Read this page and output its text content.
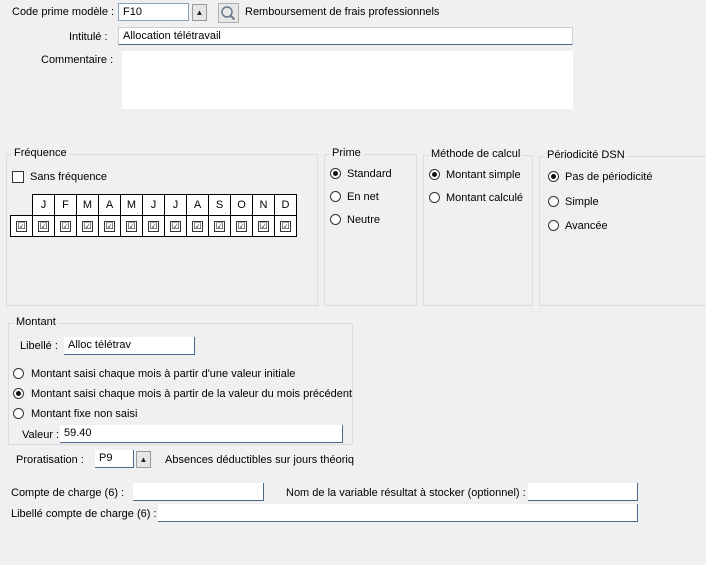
Code prime modèle : F10	▲	Remboursement de frais professionnels
Intitulé :	Allocation télétravail
Commentaire :
Fréquence
Sans fréquence
	J	F	M	A	M	J	J	A	S	O	N	D
☑	☑	☑	☑	☑	☑	☑	☑	☑	☑	☑	☑	☑
Prime
Standard
En net
Neutre
Méthode de calcul
Montant simple
Montant calculé
Périodicité DSN
Pas de périodicité
Simple
Avancée
Montant
Libellé : Alloc télétrav
Montant saisi chaque mois à partir d'une valeur initiale
Montant saisi chaque mois à partir de la valeur du mois précédent
Montant fixe non saisi
Valeur : 59.40
Proratisation :	P9	▲	Absences déductibles sur jours théoriq
Compte de charge (6) :	Nom de la variable résultat à stocker (optionnel) :
Libellé compte de charge (6) :
